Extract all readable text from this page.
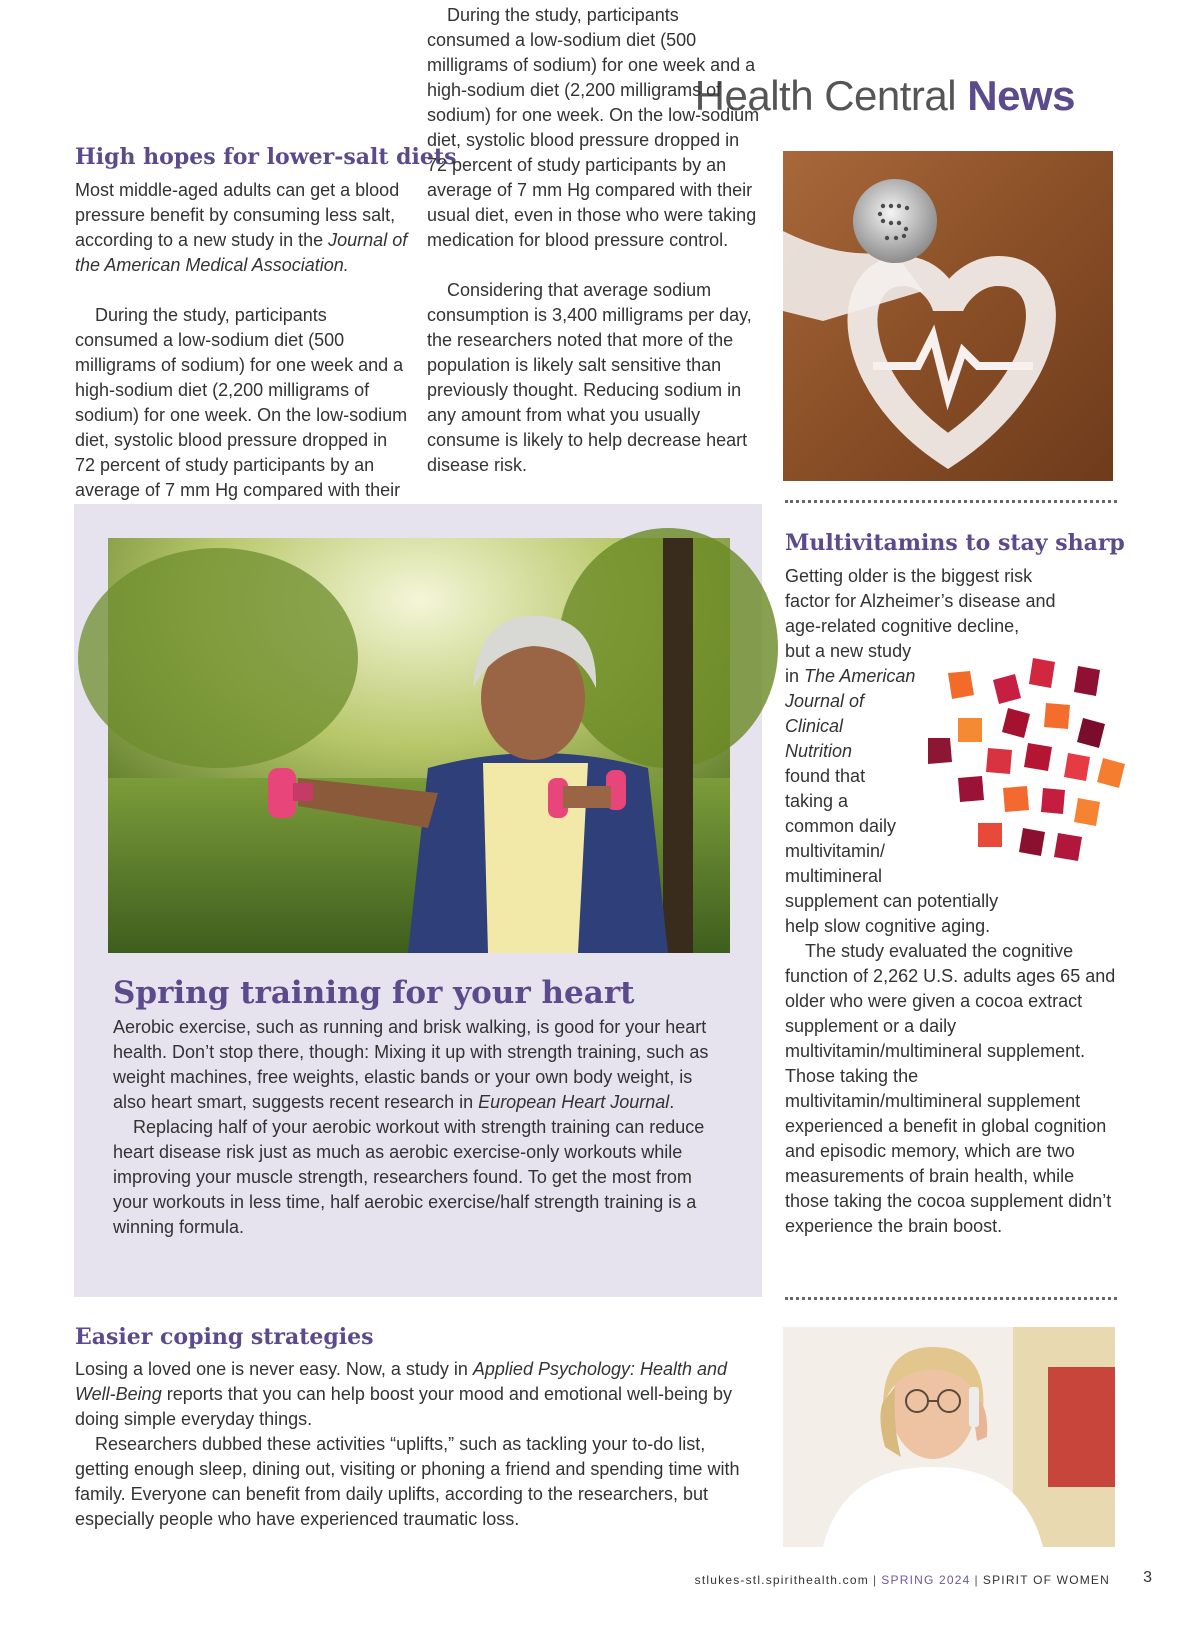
Health Central News
High hopes for lower-salt diets

Most middle-aged adults can get a blood pressure benefit by consuming less salt, according to a new study in the Journal of the American Medical Association.

During the study, participants consumed a low-sodium diet (500 milligrams of sodium) for one week and a high-sodium diet (2,200 milligrams of sodium) for one week. On the low-sodium diet, systolic blood pressure dropped in 72 percent of study participants by an average of 7 mm Hg compared with their

During the study, participants consumed a low-sodium diet (500 milligrams of sodium) for one week and a high-sodium diet (2,200 milligrams of sodium) for one week. On the low-sodium diet, systolic blood pressure dropped in 72 percent of study participants by an average of 7 mm Hg compared with their usual diet, even in those who were taking medication for blood pressure control.

Considering that average sodium consumption is 3,400 milligrams per day, the researchers noted that more of the population is likely salt sensitive than previously thought. Reducing sodium in any amount from what you usually consume is likely to help decrease heart disease risk.

Spring training for your heart

Aerobic exercise, such as running and brisk walking, is good for your heart health. Don’t stop there, though: Mixing it up with strength training, such as weight machines, free weights, elastic bands or your own body weight, is also heart smart, suggests recent research in European Heart Journal.

Replacing half of your aerobic workout with strength training can reduce heart disease risk just as much as aerobic exercise-only workouts while improving your muscle strength, researchers found. To get the most from your workouts in less time, half aerobic exercise/half strength training is a winning formula.

Multivitamins to stay sharp

Getting older is the biggest risk factor for Alzheimer’s disease and age-related cognitive decline,

but a new study

in The American

Journal of

Clinical

Nutrition

found that

taking a

common daily

multivitamin/

multimineral

supplement can potentially help slow cognitive aging.

The study evaluated the cognitive function of 2,262 U.S. adults ages 65 and older who were given a cocoa extract supplement or a daily multivitamin/multimineral supplement. Those taking the multivitamin/multimineral supplement experienced a benefit in global cognition and episodic memory, which are two measurements of brain health, while those taking the cocoa supplement didn’t experience the brain boost.

Easier coping strategies

Losing a loved one is never easy. Now, a study in Applied Psychology: Health and Well-Being reports that you can help boost your mood and emotional well-being by doing simple everyday things.

Researchers dubbed these activities “uplifts,” such as tackling your to-do list, getting enough sleep, dining out, visiting or phoning a friend and spending time with family. Everyone can benefit from daily uplifts, according to the researchers, but especially people who have experienced traumatic loss.

stlukes-stl.spirithealth.com | SPRING 2024 | SPIRIT OF WOMEN 3
